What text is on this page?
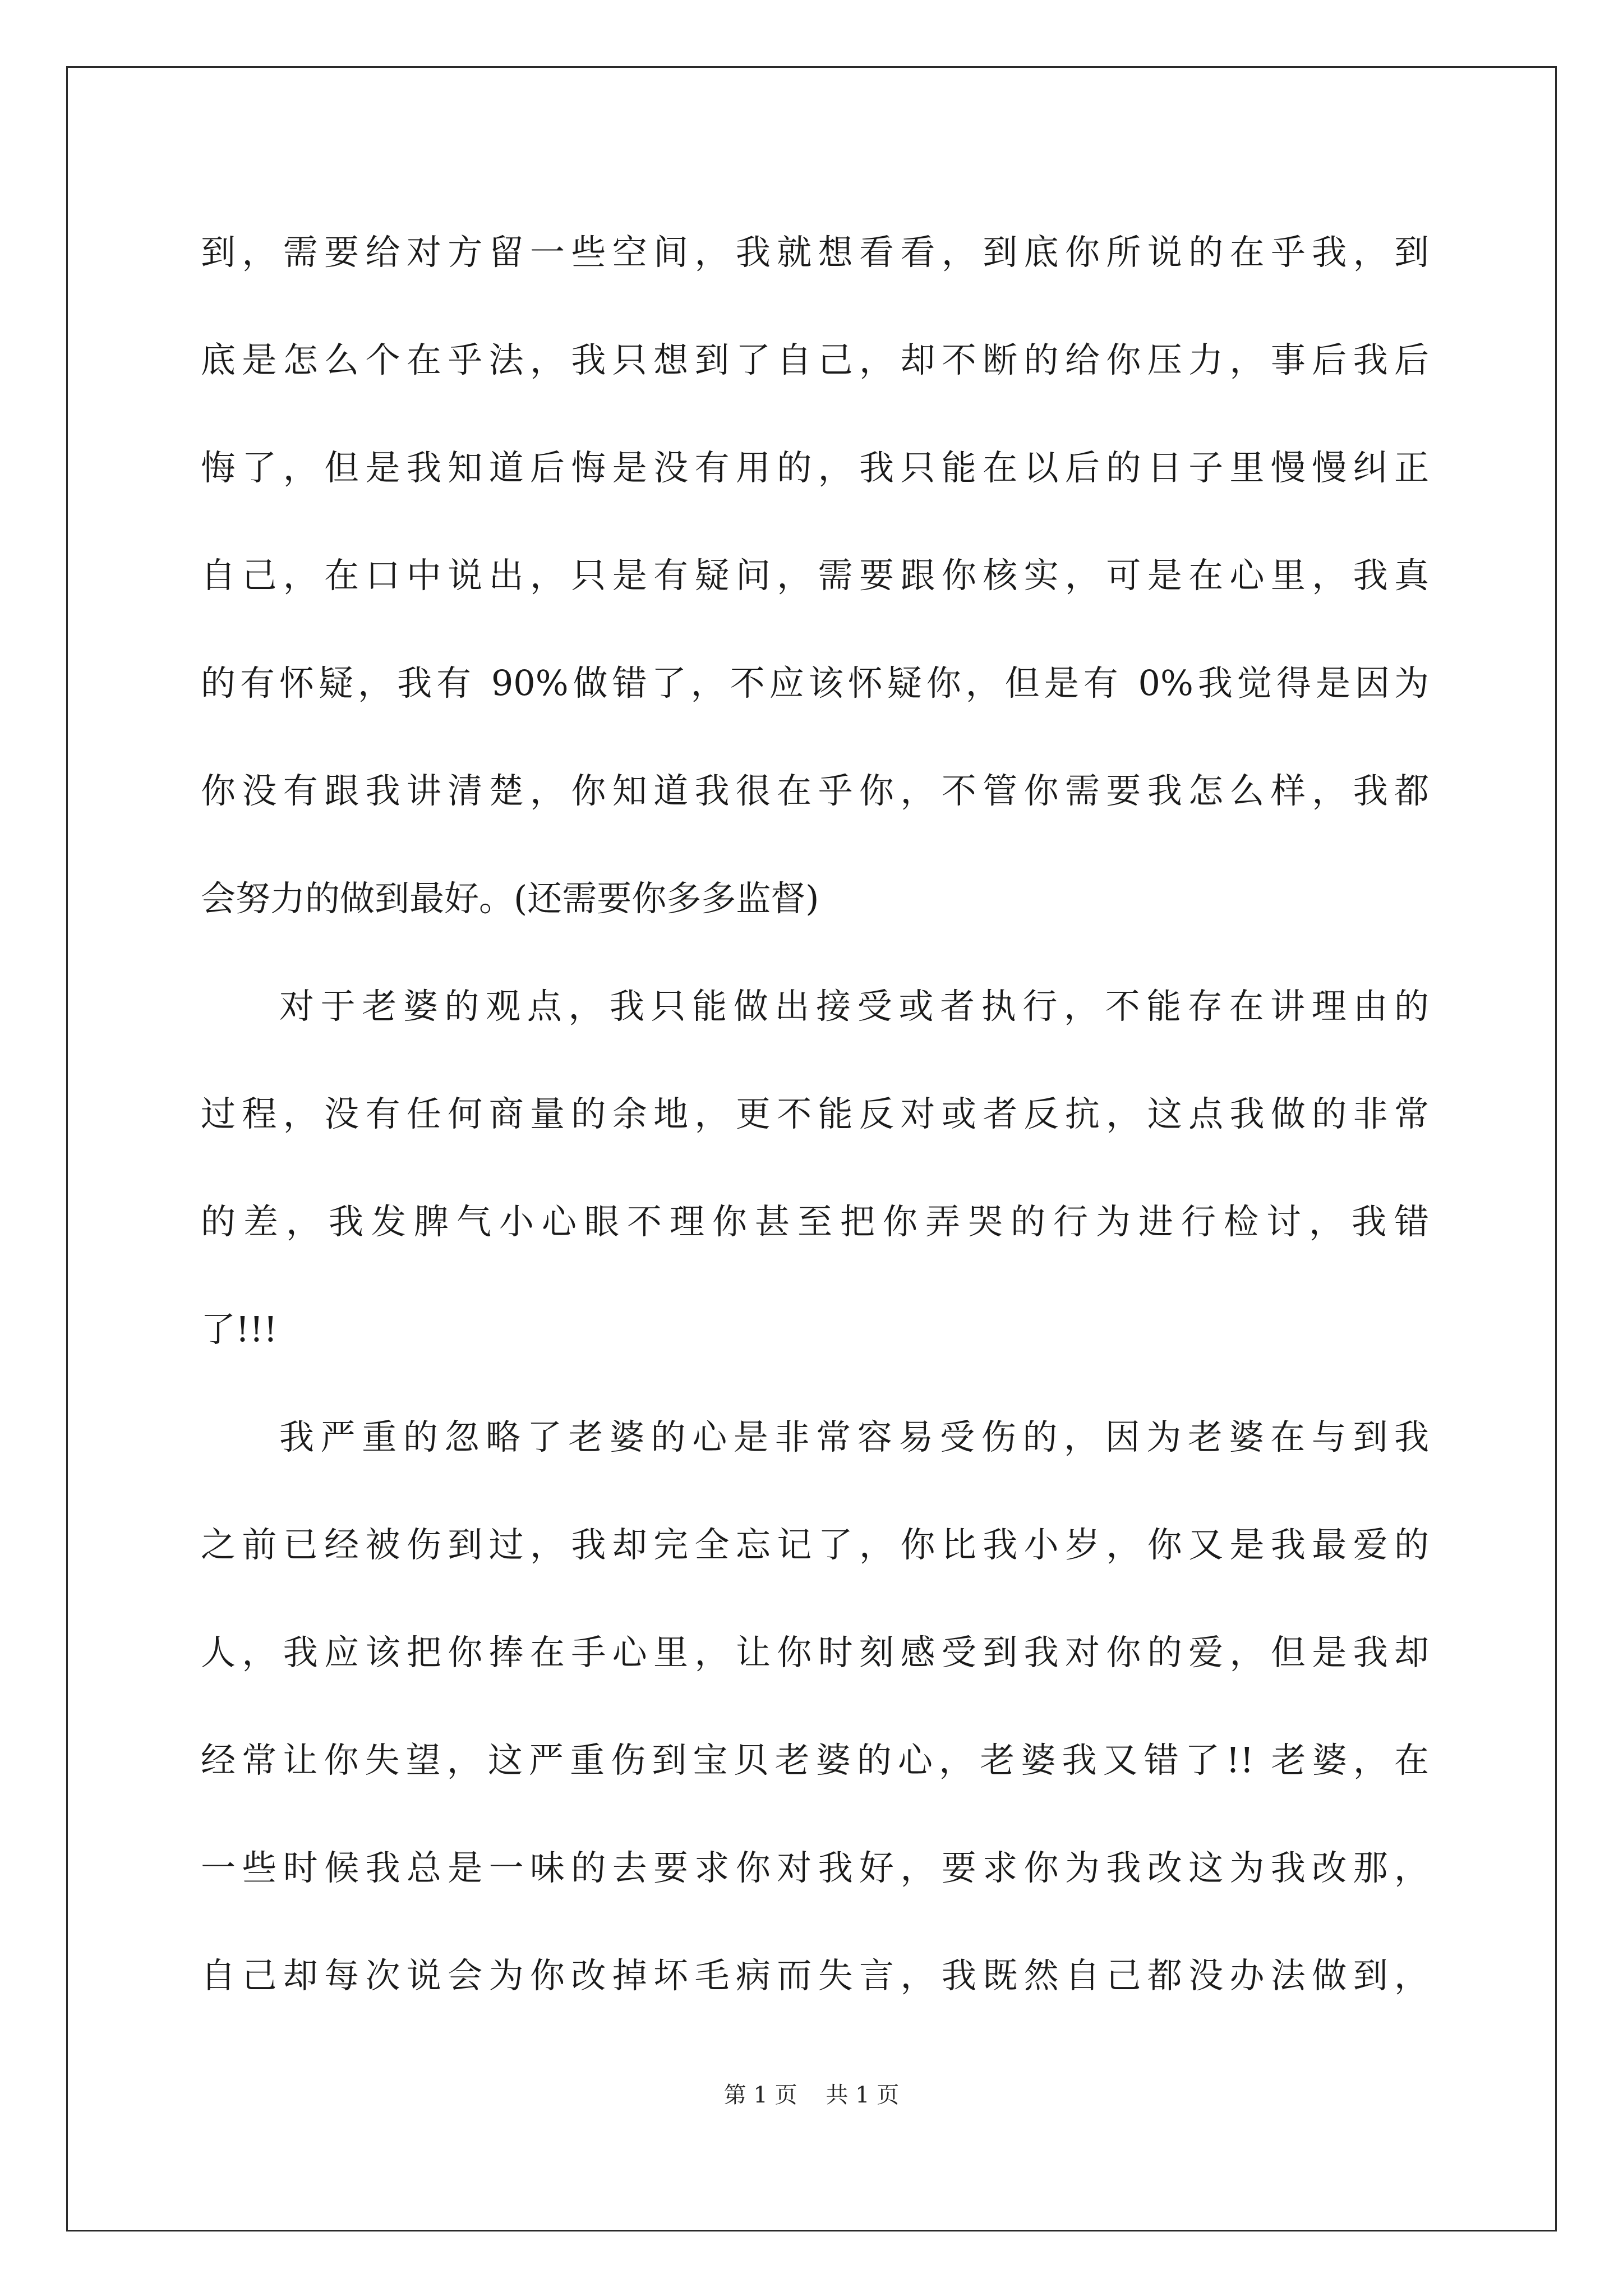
到，需要给对方留一些空间，我就想看看，到底你所说的在乎我，到
底是怎么个在乎法，我只想到了自己，却不断的给你压力，事后我后
悔了，但是我知道后悔是没有用的，我只能在以后的日子里慢慢纠正
自己，在口中说出，只是有疑问，需要跟你核实，可是在心里，我真
的有怀疑，我有 90%做错了，不应该怀疑你，但是有 0%我觉得是因为
你没有跟我讲清楚，你知道我很在乎你，不管你需要我怎么样，我都
会努力的做到最好。(还需要你多多监督)
对于老婆的观点，我只能做出接受或者执行，不能存在讲理由的
过程，没有任何商量的余地，更不能反对或者反抗，这点我做的非常
的差，我发脾气小心眼不理你甚至把你弄哭的行为进行检讨，我错
了!!!
我严重的忽略了老婆的心是非常容易受伤的，因为老婆在与到我
之前已经被伤到过，我却完全忘记了，你比我小岁，你又是我最爱的
人，我应该把你捧在手心里，让你时刻感受到我对你的爱，但是我却
经常让你失望，这严重伤到宝贝老婆的心，老婆我又错了!! 老婆，在
一些时候我总是一味的去要求你对我好，要求你为我改这为我改那，
自己却每次说会为你改掉坏毛病而失言，我既然自己都没办法做到，
第 1 页    共 1 页
